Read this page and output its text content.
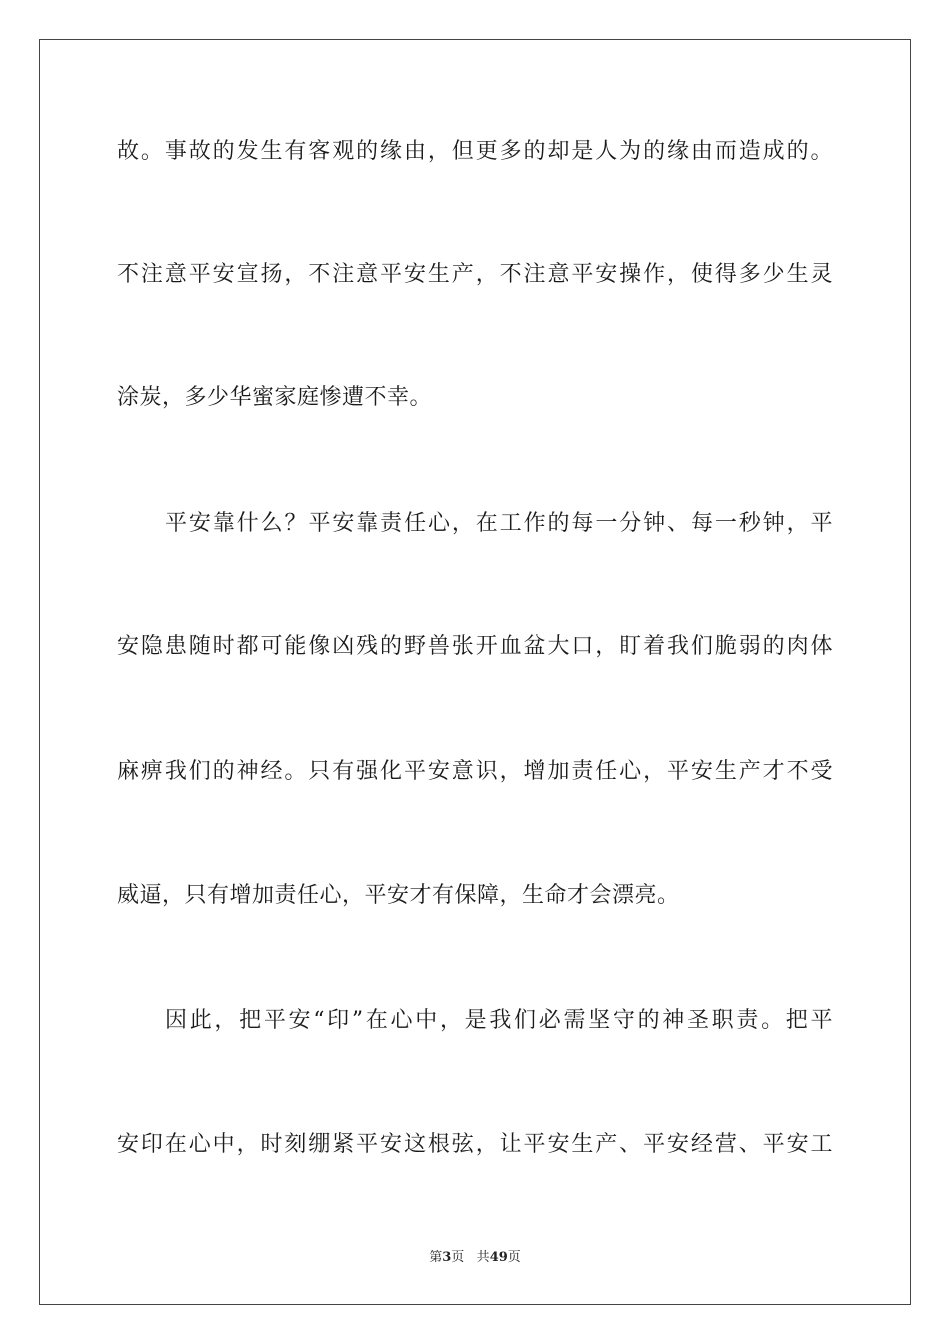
故。事故的发生有客观的缘由，但更多的却是人为的缘由而造成的。
不注意平安宣扬，不注意平安生产，不注意平安操作，使得多少生灵
涂炭，多少华蜜家庭惨遭不幸。
平安靠什么？平安靠责任心，在工作的每一分钟、每一秒钟，平
安隐患随时都可能像凶残的野兽张开血盆大口，盯着我们脆弱的肉体
麻痹我们的神经。只有强化平安意识，增加责任心，平安生产才不受
威逼，只有增加责任心，平安才有保障，生命才会漂亮。
因此，把平安“印”在心中，是我们必需坚守的神圣职责。把平
安印在心中，时刻绷紧平安这根弦，让平安生产、平安经营、平安工
第3页 共49页
